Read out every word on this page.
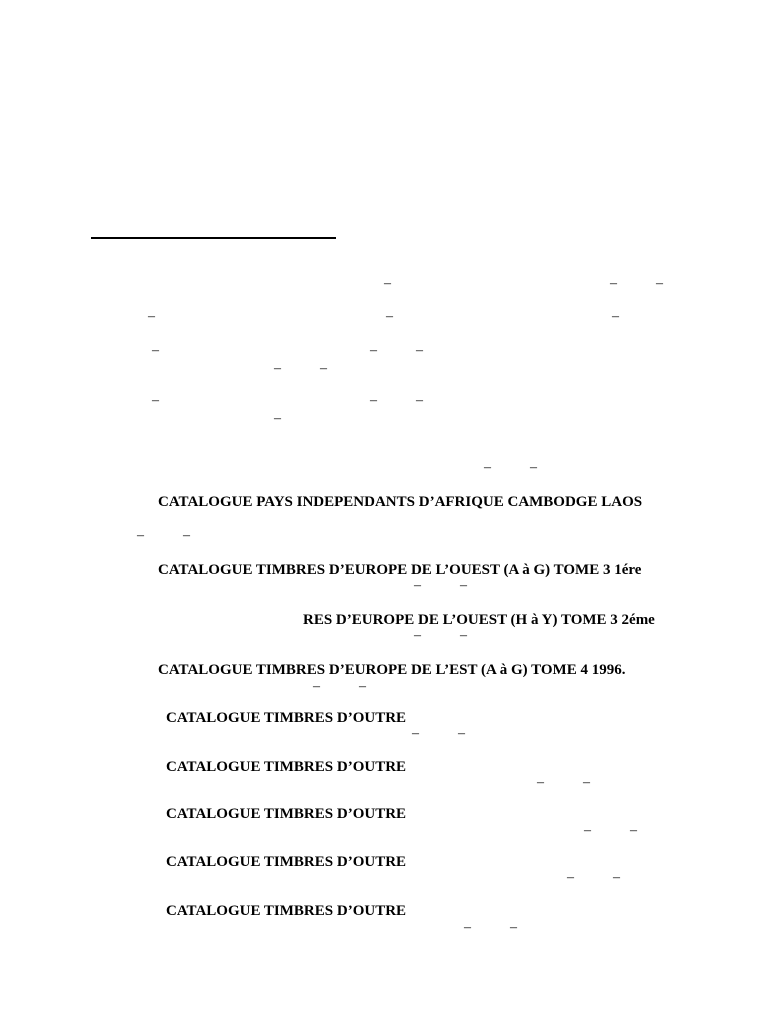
–	–	–
–	–	–
–	–	–
–	–
–	–	–
–
–	–
CATALOGUE PAYS INDEPENDANTS D’AFRIQUE CAMBODGE LAOS
–	–
CATALOGUE TIMBRES D’EUROPE DE L’OUEST (A à G) TOME 3 1ére
–	–
RES D’EUROPE DE L’OUEST (H à Y) TOME 3 2éme
–	–
CATALOGUE TIMBRES D’EUROPE DE L’EST (A à G) TOME 4 1996.
–	–
CATALOGUE TIMBRES D’OUTRE
–	–
CATALOGUE TIMBRES D’OUTRE
–	–
CATALOGUE TIMBRES D’OUTRE
–	–
CATALOGUE TIMBRES D’OUTRE
–	–
CATALOGUE TIMBRES D’OUTRE
–	–
